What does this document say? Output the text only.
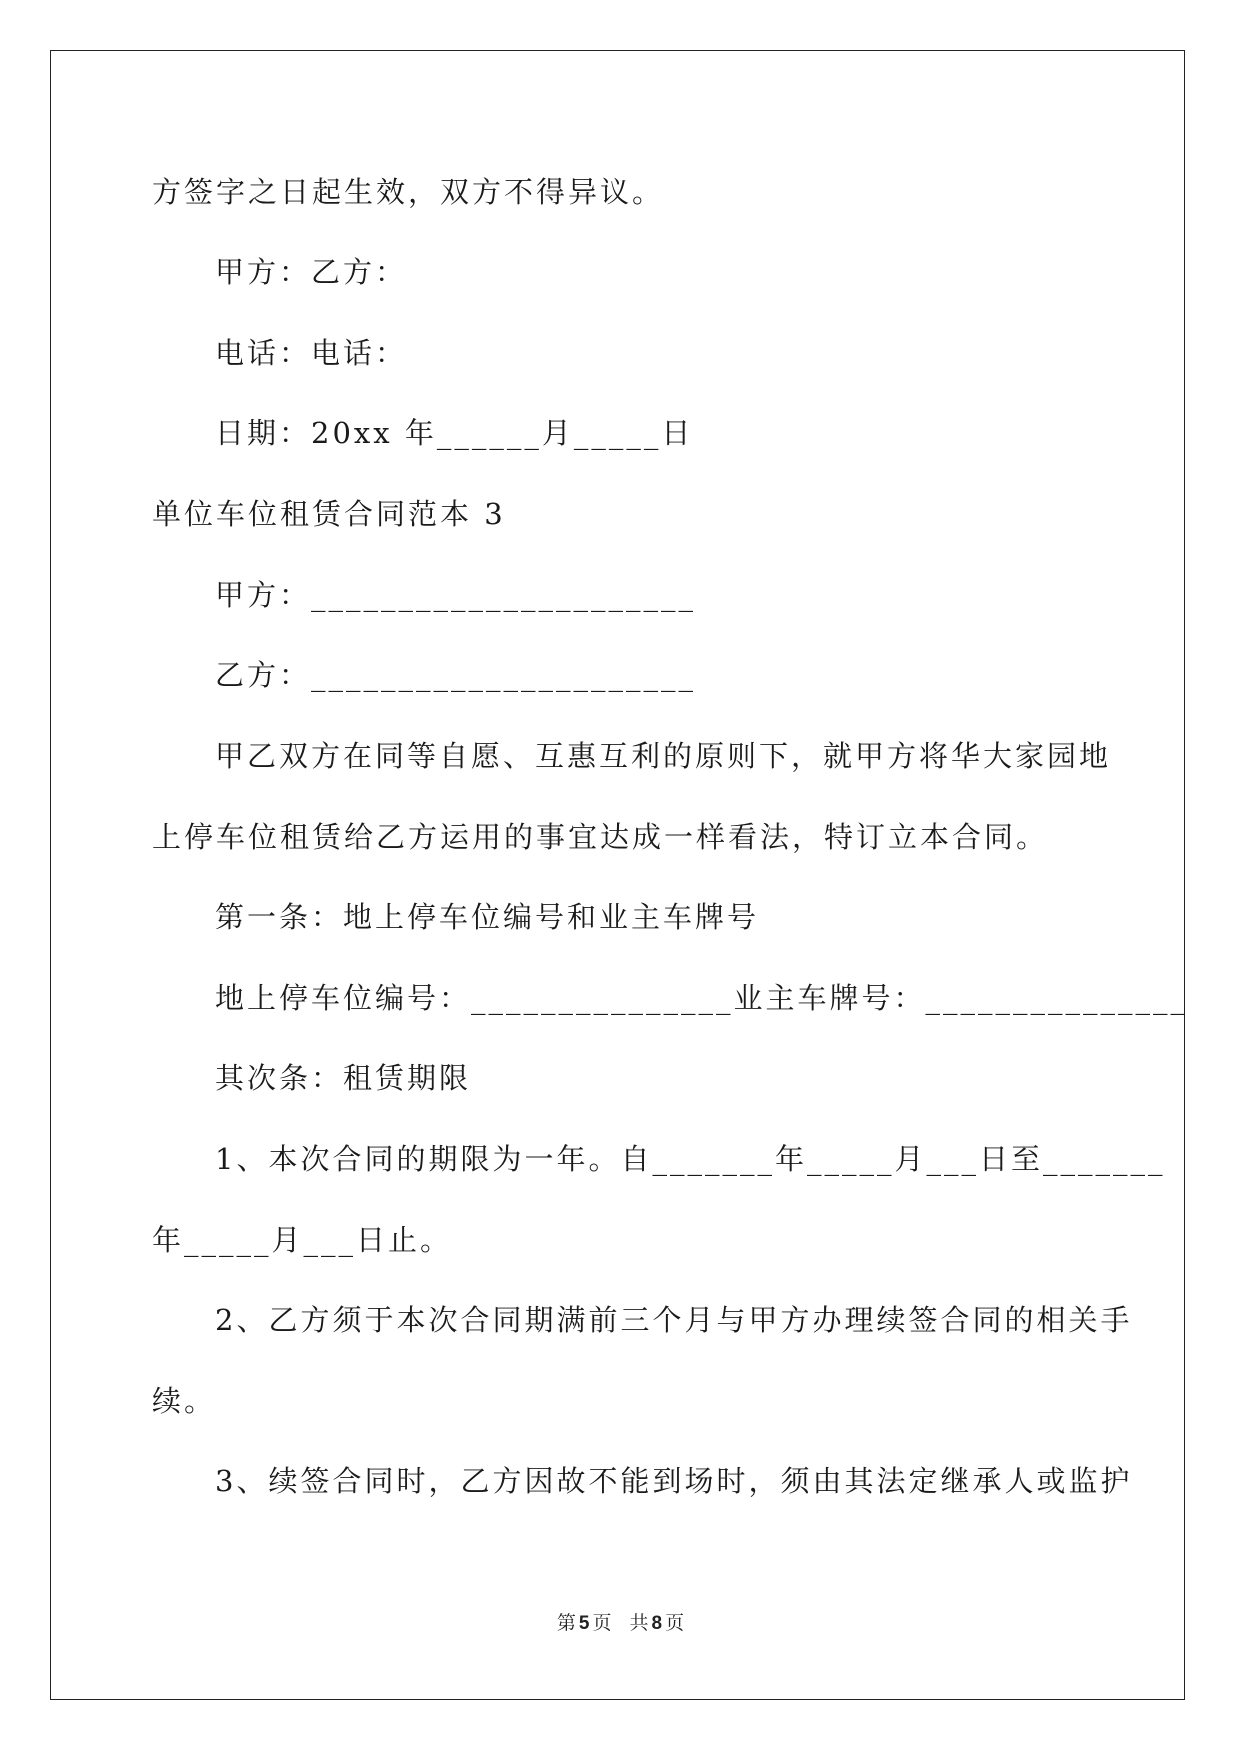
方签字之日起生效，双方不得异议。
甲方：乙方：
电话：电话：
日期：20xx 年______月_____日
单位车位租赁合同范本 3
甲方：______________________
乙方：______________________
甲乙双方在同等自愿、互惠互利的原则下，就甲方将华大家园地
上停车位租赁给乙方运用的事宜达成一样看法，特订立本合同。
第一条：地上停车位编号和业主车牌号
地上停车位编号：_______________业主车牌号：_______________
其次条：租赁期限
1、本次合同的期限为一年。自_______年_____月___日至_______
年_____月___日止。
2、乙方须于本次合同期满前三个月与甲方办理续签合同的相关手
续。
3、续签合同时，乙方因故不能到场时，须由其法定继承人或监护
第 5 页 共 8 页
